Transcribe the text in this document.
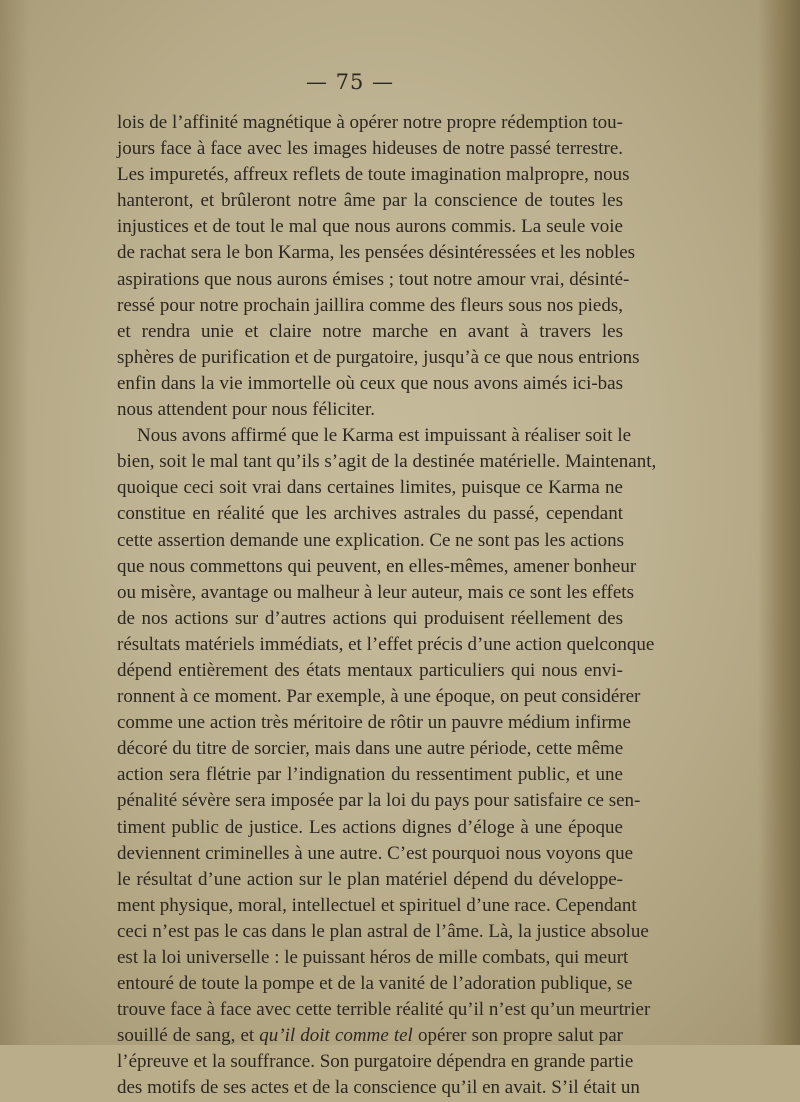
— 75 —
lois de l’affinité magnétique à opérer notre propre rédemption tou-
jours face à face avec les images hideuses de notre passé terrestre.
Les impuretés, affreux reflets de toute imagination malpropre, nous
hanteront, et brûleront notre âme par la conscience de toutes les
injustices et de tout le mal que nous aurons commis. La seule voie
de rachat sera le bon Karma, les pensées désintéressées et les nobles
aspirations que nous aurons émises ; tout notre amour vrai, désinté-
ressé pour notre prochain jaillira comme des fleurs sous nos pieds,
et rendra unie et claire notre marche en avant à travers les
sphères de purification et de purgatoire, jusqu’à ce que nous entrions
enfin dans la vie immortelle où ceux que nous avons aimés ici-bas
nous attendent pour nous féliciter.
Nous avons affirmé que le Karma est impuissant à réaliser soit le
bien, soit le mal tant qu’ils s’agit de la destinée matérielle. Maintenant,
quoique ceci soit vrai dans certaines limites, puisque ce Karma ne
constitue en réalité que les archives astrales du passé, cependant
cette assertion demande une explication. Ce ne sont pas les actions
que nous commettons qui peuvent, en elles-mêmes, amener bonheur
ou misère, avantage ou malheur à leur auteur, mais ce sont les effets
de nos actions sur d’autres actions qui produisent réellement des
résultats matériels immédiats, et l’effet précis d’une action quelconque
dépend entièrement des états mentaux particuliers qui nous envi-
ronnent à ce moment. Par exemple, à une époque, on peut considérer
comme une action très méritoire de rôtir un pauvre médium infirme
décoré du titre de sorcier, mais dans une autre période, cette même
action sera flétrie par l’indignation du ressentiment public, et une
pénalité sévère sera imposée par la loi du pays pour satisfaire ce sen-
timent public de justice. Les actions dignes d’éloge à une époque
deviennent criminelles à une autre. C’est pourquoi nous voyons que
le résultat d’une action sur le plan matériel dépend du développe-
ment physique, moral, intellectuel et spirituel d’une race. Cependant
ceci n’est pas le cas dans le plan astral de l’âme. Là, la justice absolue
est la loi universelle : le puissant héros de mille combats, qui meurt
entouré de toute la pompe et de la vanité de l’adoration publique, se
trouve face à face avec cette terrible réalité qu’il n’est qu’un meurtrier
souillé de sang, et qu’il doit comme tel opérer son propre salut par
l’épreuve et la souffrance. Son purgatoire dépendra en grande partie
des motifs de ses actes et de la conscience qu’il en avait. S’il était un
